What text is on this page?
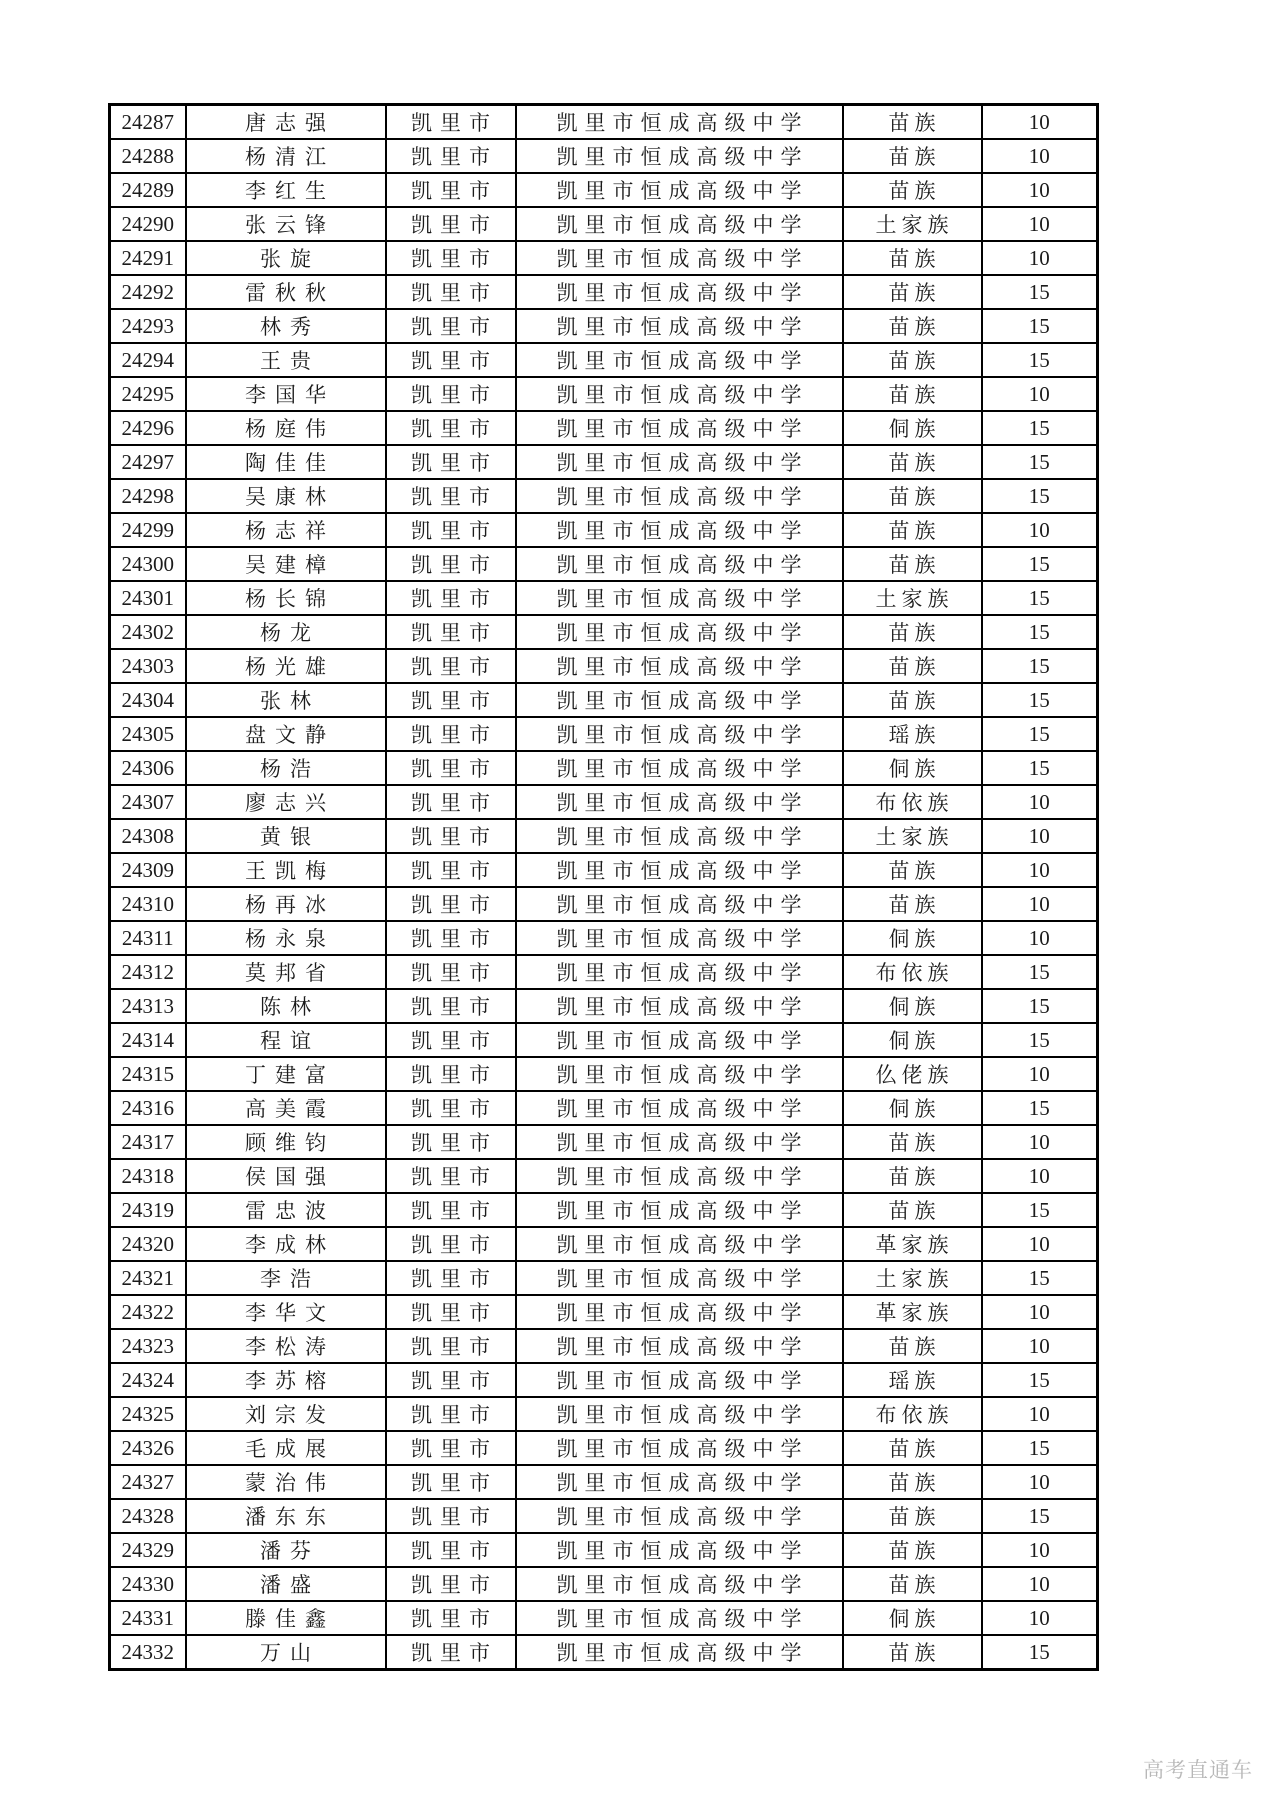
24287	唐志强	凯里市	凯里市恒成高级中学	苗族	10
24288	杨清江	凯里市	凯里市恒成高级中学	苗族	10
24289	李红生	凯里市	凯里市恒成高级中学	苗族	10
24290	张云锋	凯里市	凯里市恒成高级中学	土家族	10
24291	张旋	凯里市	凯里市恒成高级中学	苗族	10
24292	雷秋秋	凯里市	凯里市恒成高级中学	苗族	15
24293	林秀	凯里市	凯里市恒成高级中学	苗族	15
24294	王贵	凯里市	凯里市恒成高级中学	苗族	15
24295	李国华	凯里市	凯里市恒成高级中学	苗族	10
24296	杨庭伟	凯里市	凯里市恒成高级中学	侗族	15
24297	陶佳佳	凯里市	凯里市恒成高级中学	苗族	15
24298	吴康林	凯里市	凯里市恒成高级中学	苗族	15
24299	杨志祥	凯里市	凯里市恒成高级中学	苗族	10
24300	吴建樟	凯里市	凯里市恒成高级中学	苗族	15
24301	杨长锦	凯里市	凯里市恒成高级中学	土家族	15
24302	杨龙	凯里市	凯里市恒成高级中学	苗族	15
24303	杨光雄	凯里市	凯里市恒成高级中学	苗族	15
24304	张林	凯里市	凯里市恒成高级中学	苗族	15
24305	盘文静	凯里市	凯里市恒成高级中学	瑶族	15
24306	杨浩	凯里市	凯里市恒成高级中学	侗族	15
24307	廖志兴	凯里市	凯里市恒成高级中学	布依族	10
24308	黄银	凯里市	凯里市恒成高级中学	土家族	10
24309	王凯梅	凯里市	凯里市恒成高级中学	苗族	10
24310	杨再冰	凯里市	凯里市恒成高级中学	苗族	10
24311	杨永泉	凯里市	凯里市恒成高级中学	侗族	10
24312	莫邦省	凯里市	凯里市恒成高级中学	布依族	15
24313	陈林	凯里市	凯里市恒成高级中学	侗族	15
24314	程谊	凯里市	凯里市恒成高级中学	侗族	15
24315	丁建富	凯里市	凯里市恒成高级中学	仫佬族	10
24316	高美霞	凯里市	凯里市恒成高级中学	侗族	15
24317	顾维钧	凯里市	凯里市恒成高级中学	苗族	10
24318	侯国强	凯里市	凯里市恒成高级中学	苗族	10
24319	雷忠波	凯里市	凯里市恒成高级中学	苗族	15
24320	李成林	凯里市	凯里市恒成高级中学	革家族	10
24321	李浩	凯里市	凯里市恒成高级中学	土家族	15
24322	李华文	凯里市	凯里市恒成高级中学	革家族	10
24323	李松涛	凯里市	凯里市恒成高级中学	苗族	10
24324	李苏榕	凯里市	凯里市恒成高级中学	瑶族	15
24325	刘宗发	凯里市	凯里市恒成高级中学	布依族	10
24326	毛成展	凯里市	凯里市恒成高级中学	苗族	15
24327	蒙治伟	凯里市	凯里市恒成高级中学	苗族	10
24328	潘东东	凯里市	凯里市恒成高级中学	苗族	15
24329	潘芬	凯里市	凯里市恒成高级中学	苗族	10
24330	潘盛	凯里市	凯里市恒成高级中学	苗族	10
24331	滕佳鑫	凯里市	凯里市恒成高级中学	侗族	10
24332	万山	凯里市	凯里市恒成高级中学	苗族	15
高考直通车
